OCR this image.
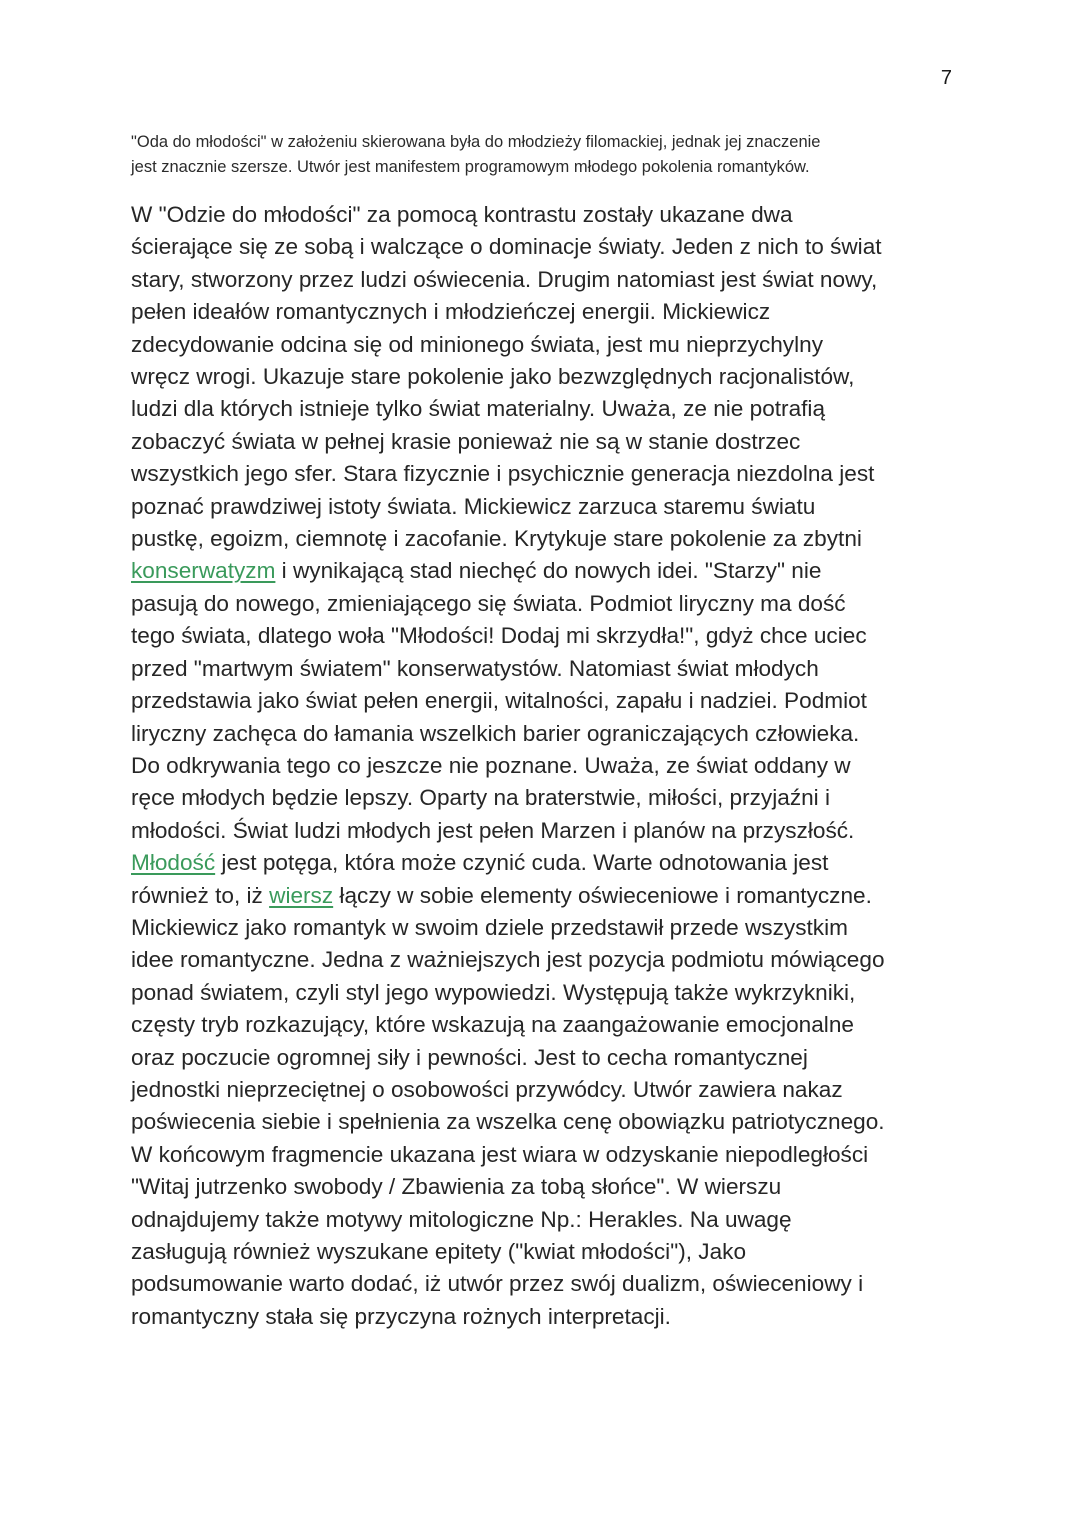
7
"Oda do młodości" w założeniu skierowana była do młodzieży filomackiej, jednak jej znaczenie
jest znacznie szersze. Utwór jest manifestem programowym młodego pokolenia romantyków.
W "Odzie do młodości" za pomocą kontrastu zostały ukazane dwa
ścierające się ze sobą i walczące o dominacje światy. Jeden z nich to świat
stary, stworzony przez ludzi oświecenia. Drugim natomiast jest świat nowy,
pełen ideałów romantycznych i młodzieńczej energii. Mickiewicz
zdecydowanie odcina się od minionego świata, jest mu nieprzychylny
wręcz wrogi. Ukazuje stare pokolenie jako bezwzględnych racjonalistów,
ludzi dla których istnieje tylko świat materialny. Uważa, ze nie potrafią
zobaczyć świata w pełnej krasie ponieważ nie są w stanie dostrzec
wszystkich jego sfer. Stara fizycznie i psychicznie generacja niezdolna jest
poznać prawdziwej istoty świata. Mickiewicz zarzuca staremu światu
pustkę, egoizm, ciemnotę i zacofanie. Krytykuje stare pokolenie za zbytni
konserwatyzm i wynikającą stad niechęć do nowych idei. "Starzy" nie
pasują do nowego, zmieniającego się świata. Podmiot liryczny ma dość
tego świata, dlatego woła "Młodości! Dodaj mi skrzydła!", gdyż chce uciec
przed "martwym światem" konserwatystów. Natomiast świat młodych
przedstawia jako świat pełen energii, witalności, zapału i nadziei. Podmiot
liryczny zachęca do łamania wszelkich barier ograniczających człowieka.
Do odkrywania tego co jeszcze nie poznane. Uważa, ze świat oddany w
ręce młodych będzie lepszy. Oparty na braterstwie, miłości, przyjaźni i
młodości. Świat ludzi młodych jest pełen Marzen i planów na przyszłość.
Młodość jest potęga, która może czynić cuda. Warte odnotowania jest
również to, iż wiersz łączy w sobie elementy oświeceniowe i romantyczne.
Mickiewicz jako romantyk w swoim dziele przedstawił przede wszystkim
idee romantyczne. Jedna z ważniejszych jest pozycja podmiotu mówiącego
ponad światem, czyli styl jego wypowiedzi. Występują także wykrzykniki,
częsty tryb rozkazujący, które wskazują na zaangażowanie emocjonalne
oraz poczucie ogromnej siły i pewności. Jest to cecha romantycznej
jednostki nieprzeciętnej o osobowości przywódcy. Utwór zawiera nakaz
poświecenia siebie i spełnienia za wszelka cenę obowiązku patriotycznego.
W końcowym fragmencie ukazana jest wiara w odzyskanie niepodległości
"Witaj jutrzenko swobody / Zbawienia za tobą słońce". W wierszu
odnajdujemy także motywy mitologiczne Np.: Herakles. Na uwagę
zasługują również wyszukane epitety ("kwiat młodości"), Jako
podsumowanie warto dodać, iż utwór przez swój dualizm, oświeceniowy i
romantyczny stała się przyczyna rożnych interpretacji.
